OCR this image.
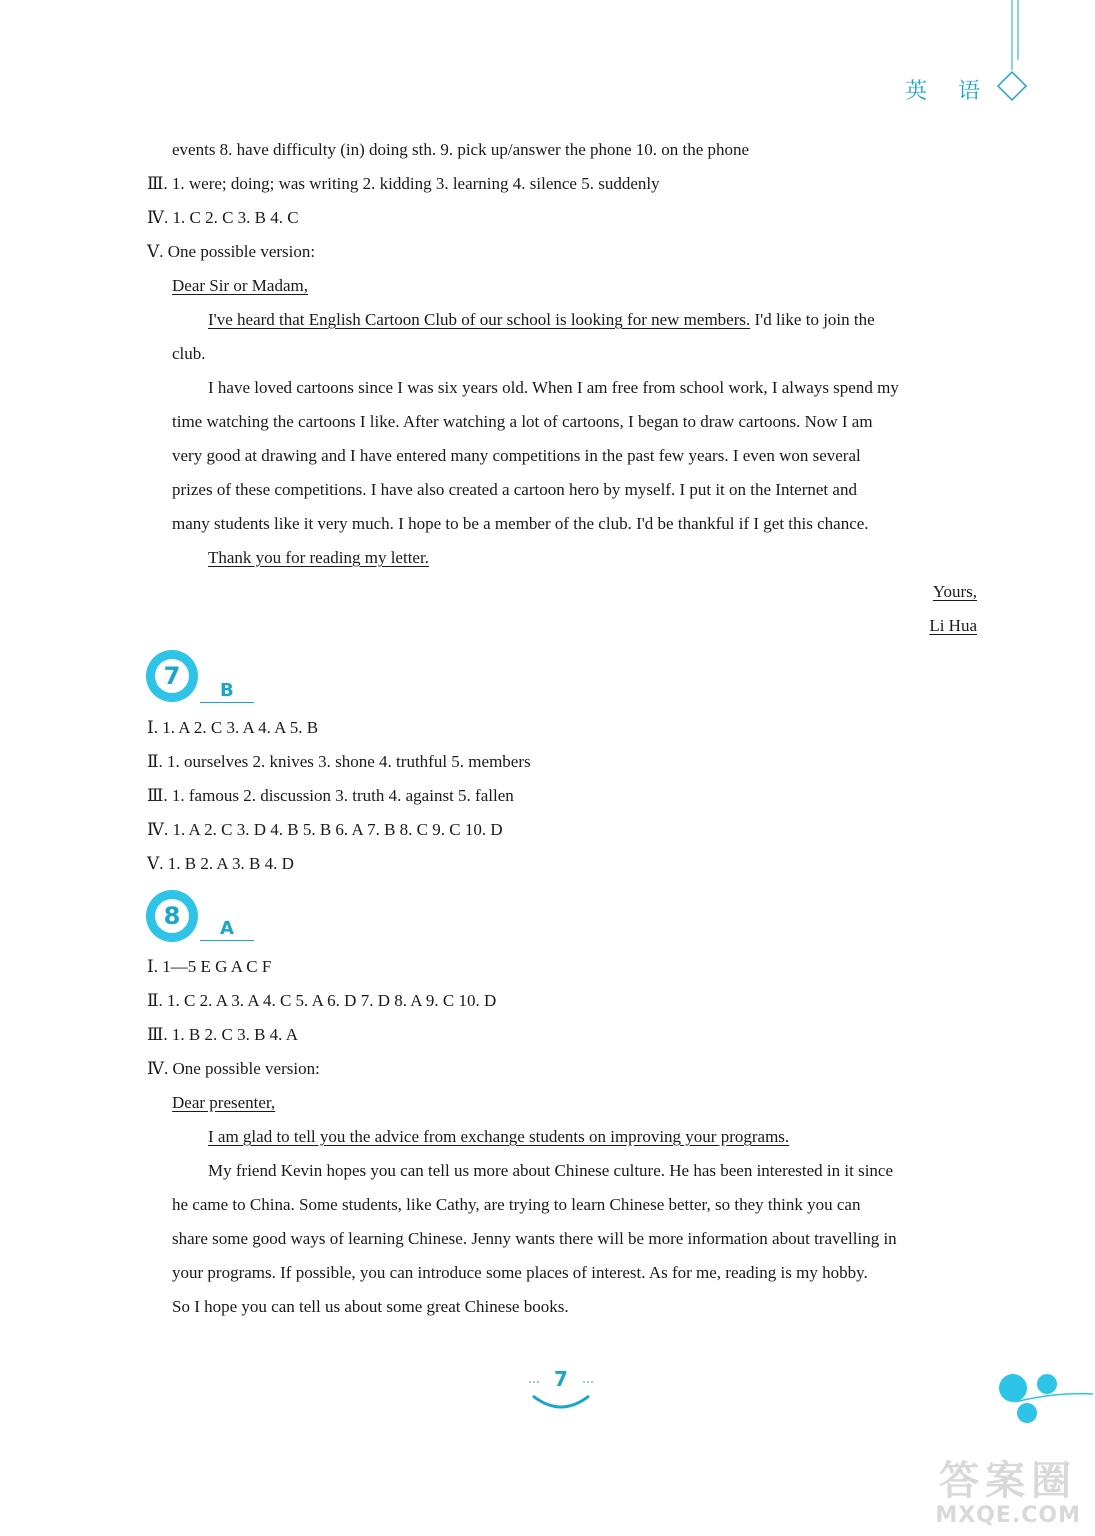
英 语
events 8. have difficulty (in) doing sth. 9. pick up/answer the phone 10. on the phone
Ⅲ. 1. were; doing; was writing 2. kidding 3. learning 4. silence 5. suddenly
Ⅳ. 1. C 2. C 3. B 4. C
Ⅴ. One possible version:
Dear Sir or Madam,
I've heard that English Cartoon Club of our school is looking for new members. I'd like to join the
club.
I have loved cartoons since I was six years old. When I am free from school work, I always spend my
time watching the cartoons I like. After watching a lot of cartoons, I began to draw cartoons. Now I am
very good at drawing and I have entered many competitions in the past few years. I even won several
prizes of these competitions. I have also created a cartoon hero by myself. I put it on the Internet and
many students like it very much. I hope to be a member of the club. I'd be thankful if I get this chance.
Thank you for reading my letter.
Yours,
Li Hua
7
B
Ⅰ. 1. A 2. C 3. A 4. A 5. B
Ⅱ. 1. ourselves 2. knives 3. shone 4. truthful 5. members
Ⅲ. 1. famous 2. discussion 3. truth 4. against 5. fallen
Ⅳ. 1. A 2. C 3. D 4. B 5. B 6. A 7. B 8. C 9. C 10. D
Ⅴ. 1. B 2. A 3. B 4. D
8	A
Ⅰ. 1—5 E G A C F
Ⅱ. 1. C 2. A 3. A 4. C 5. A 6. D 7. D 8. A 9. C 10. D
Ⅲ. 1. B 2. C 3. B 4. A
Ⅳ. One possible version:
Dear presenter,
I am glad to tell you the advice from exchange students on improving your programs.
My friend Kevin hopes you can tell us more about Chinese culture. He has been interested in it since
he came to China. Some students, like Cathy, are trying to learn Chinese better, so they think you can
share some good ways of learning Chinese. Jenny wants there will be more information about travelling in
your programs. If possible, you can introduce some places of interest. As for me, reading is my hobby.
So I hope you can tell us about some great Chinese books.
7
答案圈
MXQE.COM
